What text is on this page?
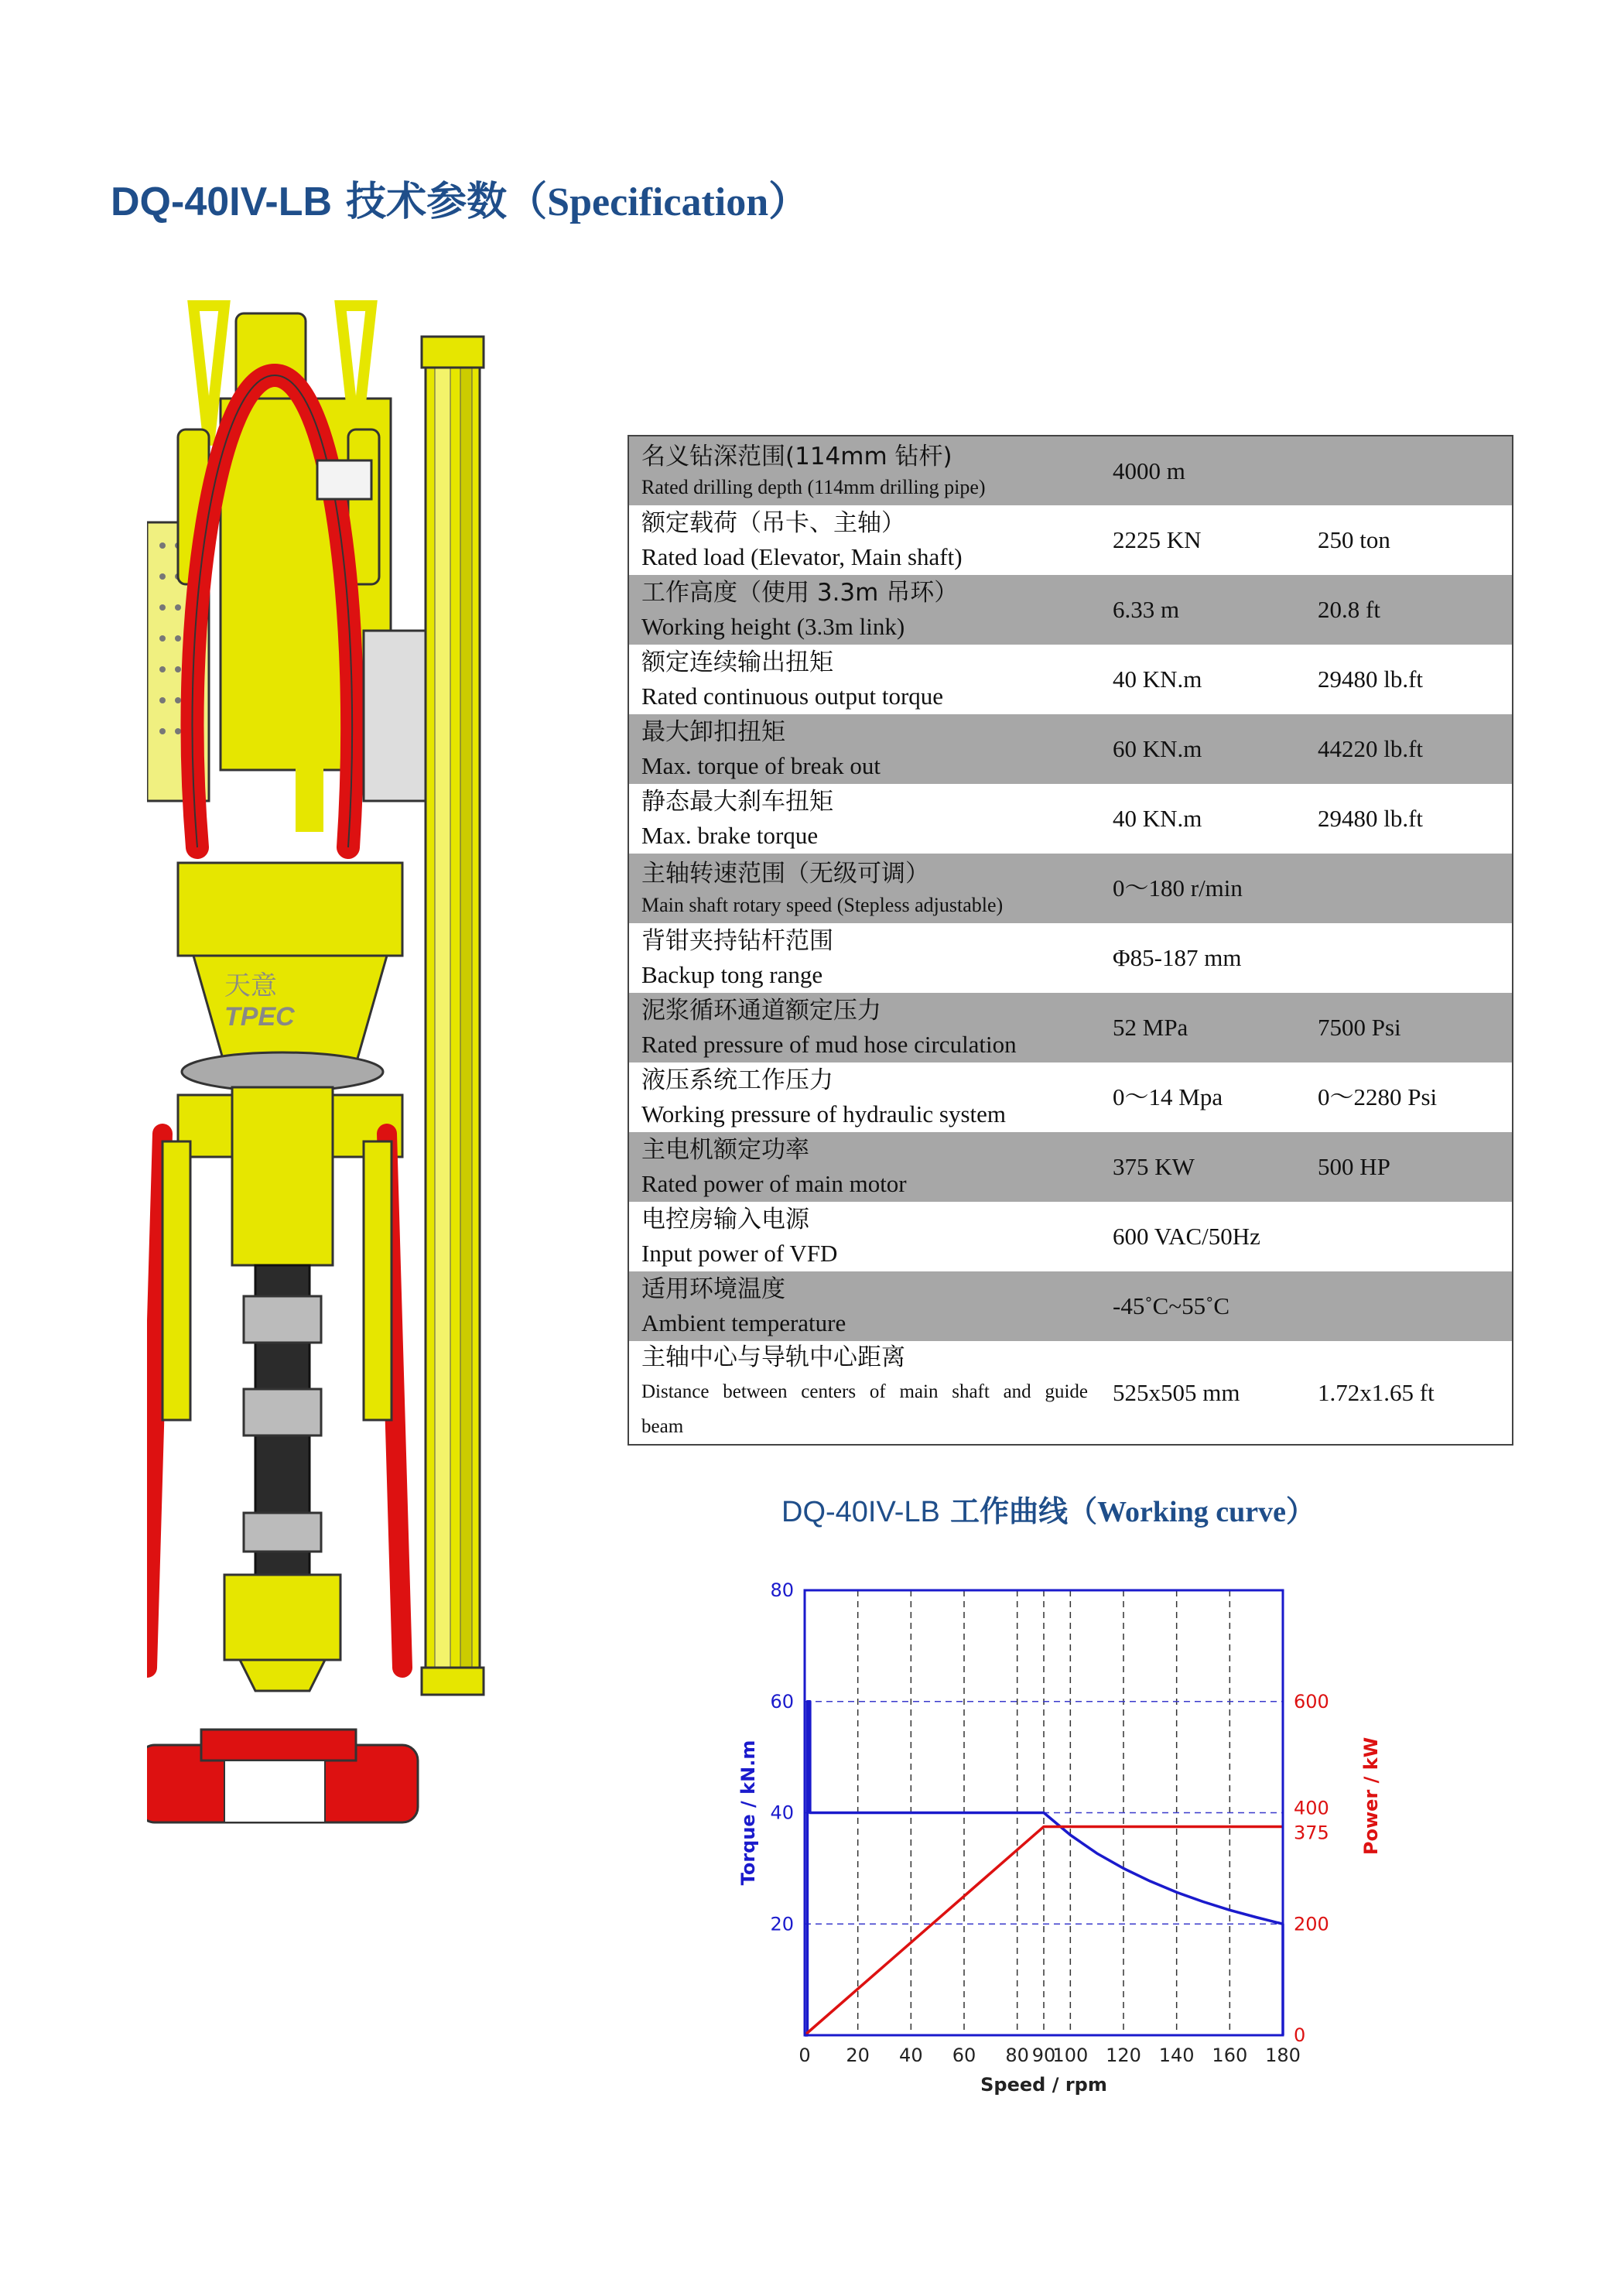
DQ-40IV-LB 技术参数（Specification）
天意
TPEC
名义钻深范围(114mm 钻杆)
Rated drilling depth (114mm drilling pipe)	4000 m	

额定载荷（吊卡、主轴）
Rated load (Elevator, Main shaft)	2225 KN	250 ton

工作高度（使用 3.3m 吊环）
Working height (3.3m link)	6.33 m	20.8 ft

额定连续输出扭矩
Rated continuous output torque	40 KN.m	29480 lb.ft

最大卸扣扭矩
Max. torque of break out	60 KN.m	44220 lb.ft

静态最大刹车扭矩
Max. brake torque	40 KN.m	29480 lb.ft

主轴转速范围（无级可调）
Main shaft rotary speed (Stepless adjustable)	0～180 r/min	

背钳夹持钻杆范围
Backup tong range	Φ85-187 mm	

泥浆循环通道额定压力
Rated pressure of mud hose circulation	52 MPa	7500 Psi

液压系统工作压力
Working pressure of hydraulic system	0～14 Mpa	0～2280 Psi

主电机额定功率
Rated power of main motor	375 KW	500 HP

电控房输入电源
Input power of VFD	600 VAC/50Hz	

适用环境温度
Ambient temperature	-45˚C~55˚C	

主轴中心与导轨中心距离
Distance between centers of main shaft and guide beam	525x505 mm	1.72x1.65 ft
DQ-40IV-LB 工作曲线（Working curve）
0 20 40 60 80 90
100 120 140 160 180
20
40
60
80
0
200
375
400
600
Speed / rpm
Torque / kN.m	Power / kW
